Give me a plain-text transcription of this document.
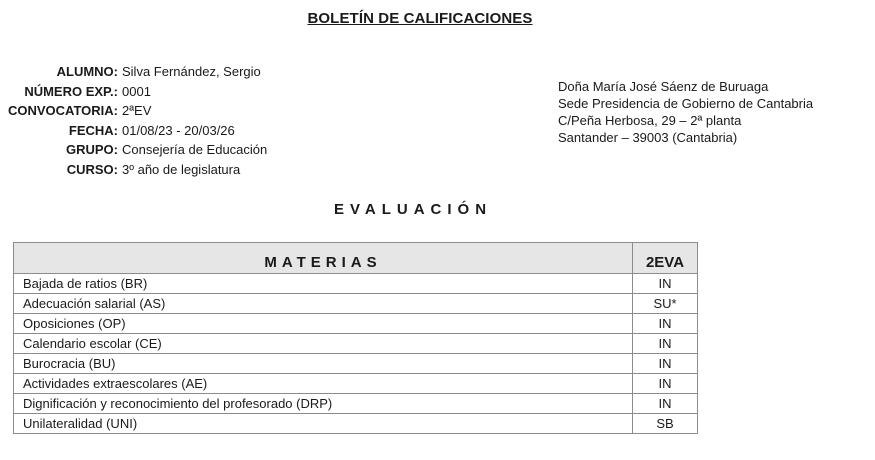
BOLETÍN DE CALIFICACIONES
ALUMNO: Silva Fernández, Sergio
NÚMERO EXP.: 0001
CONVOCATORIA: 2ªEV
FECHA: 01/08/23 - 20/03/26
GRUPO: Consejería de Educación
CURSO: 3º año de legislatura
Doña María José Sáenz de Buruaga
Sede Presidencia de Gobierno de Cantabria
C/Peña Herbosa, 29 – 2ª planta
Santander – 39003 (Cantabria)
EVALUACIÓN
MATERIAS	2EVA
Bajada de ratios (BR)	IN
Adecuación salarial (AS)	SU*
Oposiciones (OP)	IN
Calendario escolar (CE)	IN
Burocracia (BU)	IN
Actividades extraescolares (AE)	IN
Dignificación y reconocimiento del profesorado (DRP)	IN
Unilateralidad (UNI)	SB
